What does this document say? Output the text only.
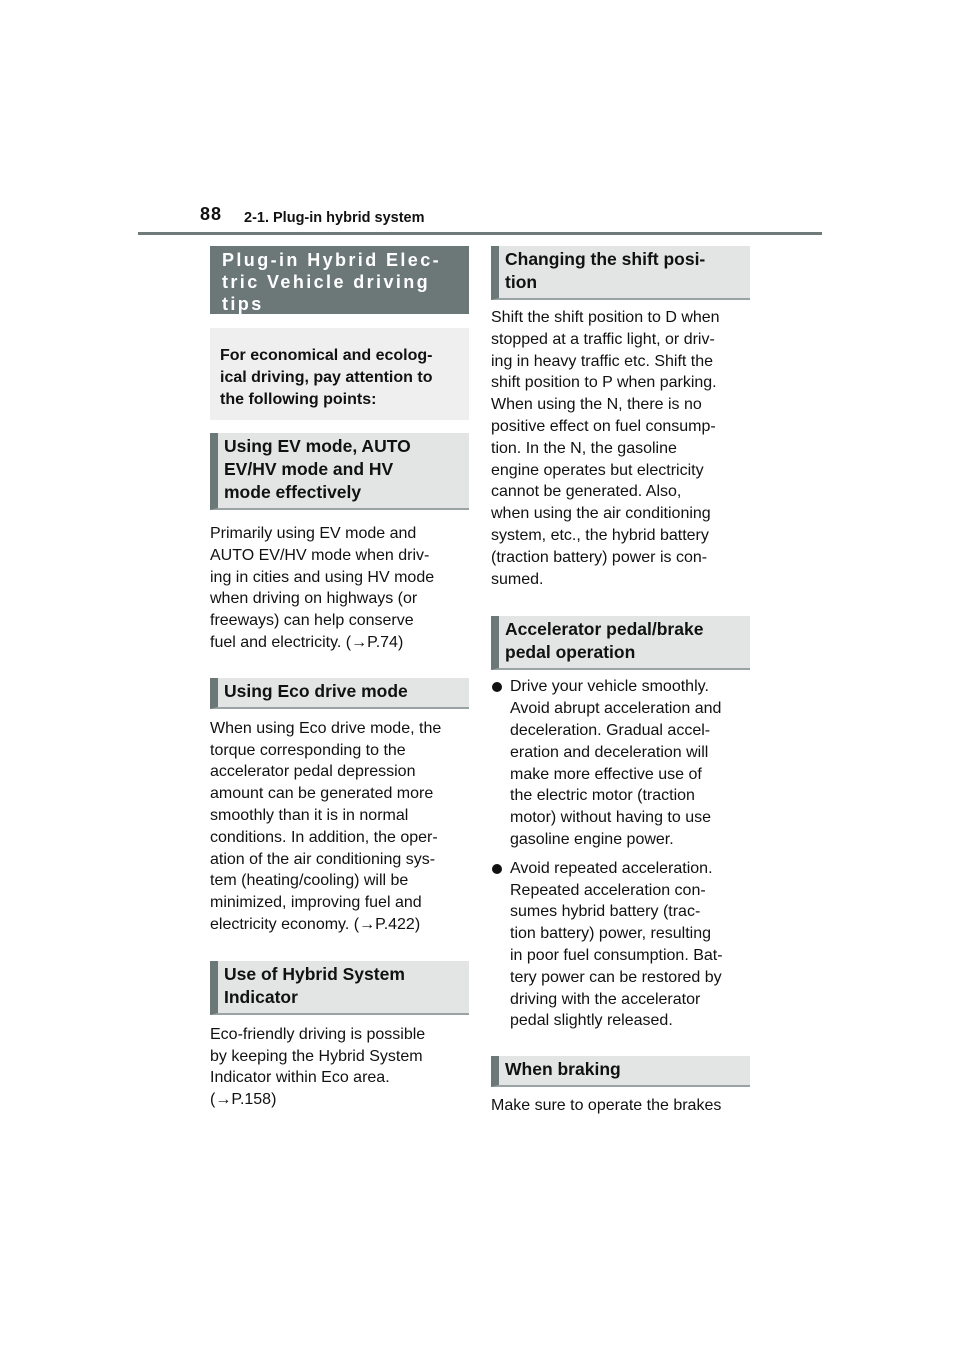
88 2-1. Plug-in hybrid system
Plug-in Hybrid Elec-
tric Vehicle driving
tips
For economical and ecolog-
ical driving, pay attention to
the following points:
Using EV mode, AUTO
EV/HV mode and HV
mode effectively

Primarily using EV mode and
AUTO EV/HV mode when driv-
ing in cities and using HV mode
when driving on highways (or
freeways) can help conserve
fuel and electricity. (→P.74)

Using Eco drive mode

When using Eco drive mode, the
torque corresponding to the
accelerator pedal depression
amount can be generated more
smoothly than it is in normal
conditions. In addition, the oper-
ation of the air conditioning sys-
tem (heating/cooling) will be
minimized, improving fuel and
electricity economy. (→P.422)

Use of Hybrid System
Indicator

Eco-friendly driving is possible
by keeping the Hybrid System
Indicator within Eco area.
(→P.158)

Changing the shift posi-
tion

Shift the shift position to D when
stopped at a traffic light, or driv-
ing in heavy traffic etc. Shift the
shift position to P when parking.
When using the N, there is no
positive effect on fuel consump-
tion. In the N, the gasoline
engine operates but electricity
cannot be generated. Also,
when using the air conditioning
system, etc., the hybrid battery
(traction battery) power is con-
sumed.

Accelerator pedal/brake
pedal operation
Drive your vehicle smoothly.
Avoid abrupt acceleration and
deceleration. Gradual accel-
eration and deceleration will
make more effective use of
the electric motor (traction
motor) without having to use
gasoline engine power.
Avoid repeated acceleration.
Repeated acceleration con-
sumes hybrid battery (trac-
tion battery) power, resulting
in poor fuel consumption. Bat-
tery power can be restored by
driving with the accelerator
pedal slightly released.
When braking

Make sure to operate the brakes
